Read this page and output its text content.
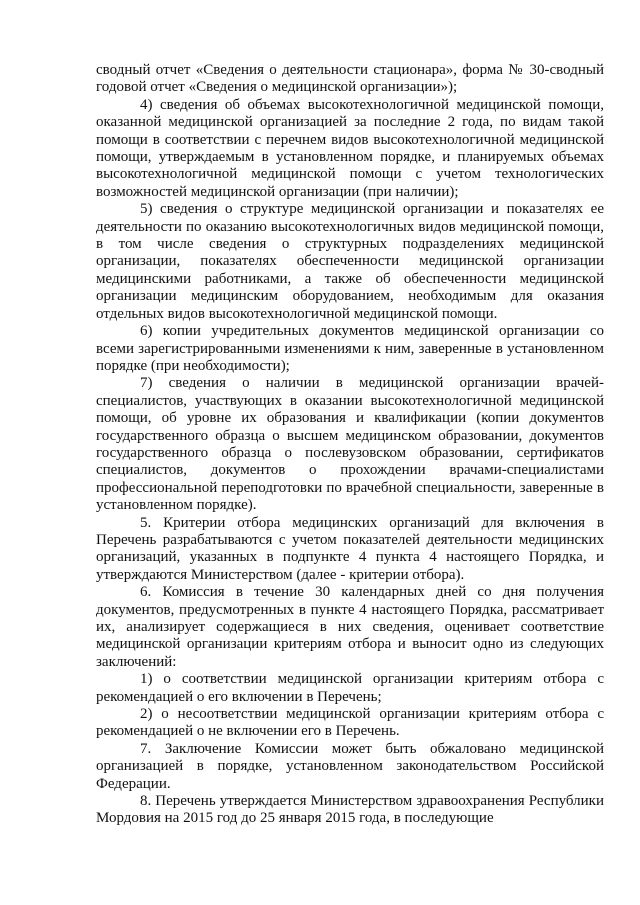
сводный отчет «Сведения о деятельности стационара», форма № 30-сводный годовой отчет «Сведения о медицинской организации»);

4) сведения об объемах высокотехнологичной медицинской помощи, оказанной медицинской организацией за последние 2 года, по видам такой помощи в соответствии с перечнем видов высокотехнологичной медицинской помощи, утверждаемым в установленном порядке, и планируемых объемах высокотехнологичной медицинской помощи с учетом технологических возможностей медицинской организации (при наличии);

5) сведения о структуре медицинской организации и показателях ее деятельности по оказанию высокотехнологичных видов медицинской помощи, в том числе сведения о структурных подразделениях медицинской организации, показателях обеспеченности медицинской организации медицинскими работниками, а также об обеспеченности медицинской организации медицинским оборудованием, необходимым для оказания отдельных видов высокотехнологичной медицинской помощи.

6) копии учредительных документов медицинской организации со всеми зарегистрированными изменениями к ним, заверенные в установленном порядке (при необходимости);

7) сведения о наличии в медицинской организации врачей-специалистов, участвующих в оказании высокотехнологичной медицинской помощи, об уровне их образования и квалификации (копии документов государственного образца о высшем медицинском образовании, документов государственного образца о послевузовском образовании, сертификатов специалистов, документов о прохождении врачами-специалистами профессиональной переподготовки по врачебной специальности, заверенные в установленном порядке).

5. Критерии отбора медицинских организаций для включения в Перечень разрабатываются с учетом показателей деятельности медицинских организаций, указанных в подпункте 4 пункта 4 настоящего Порядка, и утверждаются Министерством (далее - критерии отбора).

6. Комиссия в течение 30 календарных дней со дня получения документов, предусмотренных в пункте 4 настоящего Порядка, рассматривает их, анализирует содержащиеся в них сведения, оценивает соответствие медицинской организации критериям отбора и выносит одно из следующих заключений:

1) о соответствии медицинской организации критериям отбора с рекомендацией о его включении в Перечень;

2) о несоответствии медицинской организации критериям отбора с рекомендацией о не включении его в Перечень.

7. Заключение Комиссии может быть обжаловано медицинской организацией в порядке, установленном законодательством Российской Федерации.

8. Перечень утверждается Министерством здравоохранения Республики Мордовия на 2015 год до 25 января 2015 года, в последующие
